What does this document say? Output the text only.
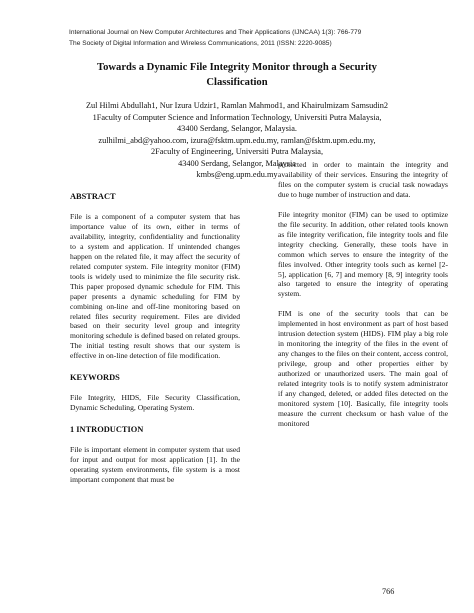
International Journal on New Computer Architectures and Their Applications (IJNCAA) 1(3): 766-779
The Society of Digital Information and Wireless Communications, 2011 (ISSN: 2220-9085)
Towards a Dynamic File Integrity Monitor through a Security
Classification
Zul Hilmi Abdullah1, Nur Izura Udzir1, Ramlan Mahmod1, and Khairulmizam Samsudin2
1Faculty of Computer Science and Information Technology, Universiti Putra Malaysia,
43400 Serdang, Selangor, Malaysia.
zulhilmi_abd@yahoo.com, izura@fsktm.upm.edu.my, ramlan@fsktm.upm.edu.my,
2Faculty of Engineering, Universiti Putra Malaysia,
43400 Serdang, Selangor, Malaysia
kmbs@eng.upm.edu.my
ABSTRACT

File is a component of a computer system that has importance value of its own, either in terms of availability, integrity, confidentiality and functionality to a system and application. If unintended changes happen on the related file, it may affect the security of related computer system. File integrity monitor (FIM) tools is widely used to minimize the file security risk. This paper proposed dynamic schedule for FIM. This paper presents a dynamic scheduling for FIM by combining on-line and off-line monitoring based on related files security requirement. Files are divided based on their security level group and integrity monitoring schedule is defined based on related groups. The initial testing result shows that our system is effective in on-line detection of file modification.

KEYWORDS

File Integrity, HIDS, File Security Classification, Dynamic Scheduling, Operating System.

1 INTRODUCTION

File is important element in computer system that used for input and output for most application [1]. In the operating system environments, file system is a most important component that must be

protected in order to maintain the integrity and availability of their services. Ensuring the integrity of files on the computer system is crucial task nowadays due to huge number of instruction and data.

File integrity monitor (FIM) can be used to optimize the file security. In addition, other related tools known as file integrity verification, file integrity tools and file integrity checking. Generally, these tools have in common which serves to ensure the integrity of the files involved. Other integrity tools such as kernel [2-5], application [6, 7] and memory [8, 9] integrity tools also targeted to ensure the integrity of operating system.

FIM is one of the security tools that can be implemented in host environment as part of host based intrusion detection system (HIDS). FIM play a big role in monitoring the integrity of the files in the event of any changes to the files on their content, access control, privilege, group and other properties either by authorized or unauthorized users. The main goal of related integrity tools is to notify system administrator if any changed, deleted, or added files detected on the monitored system [10]. Basically, file integrity tools measure the current checksum or hash value of the monitored

766
